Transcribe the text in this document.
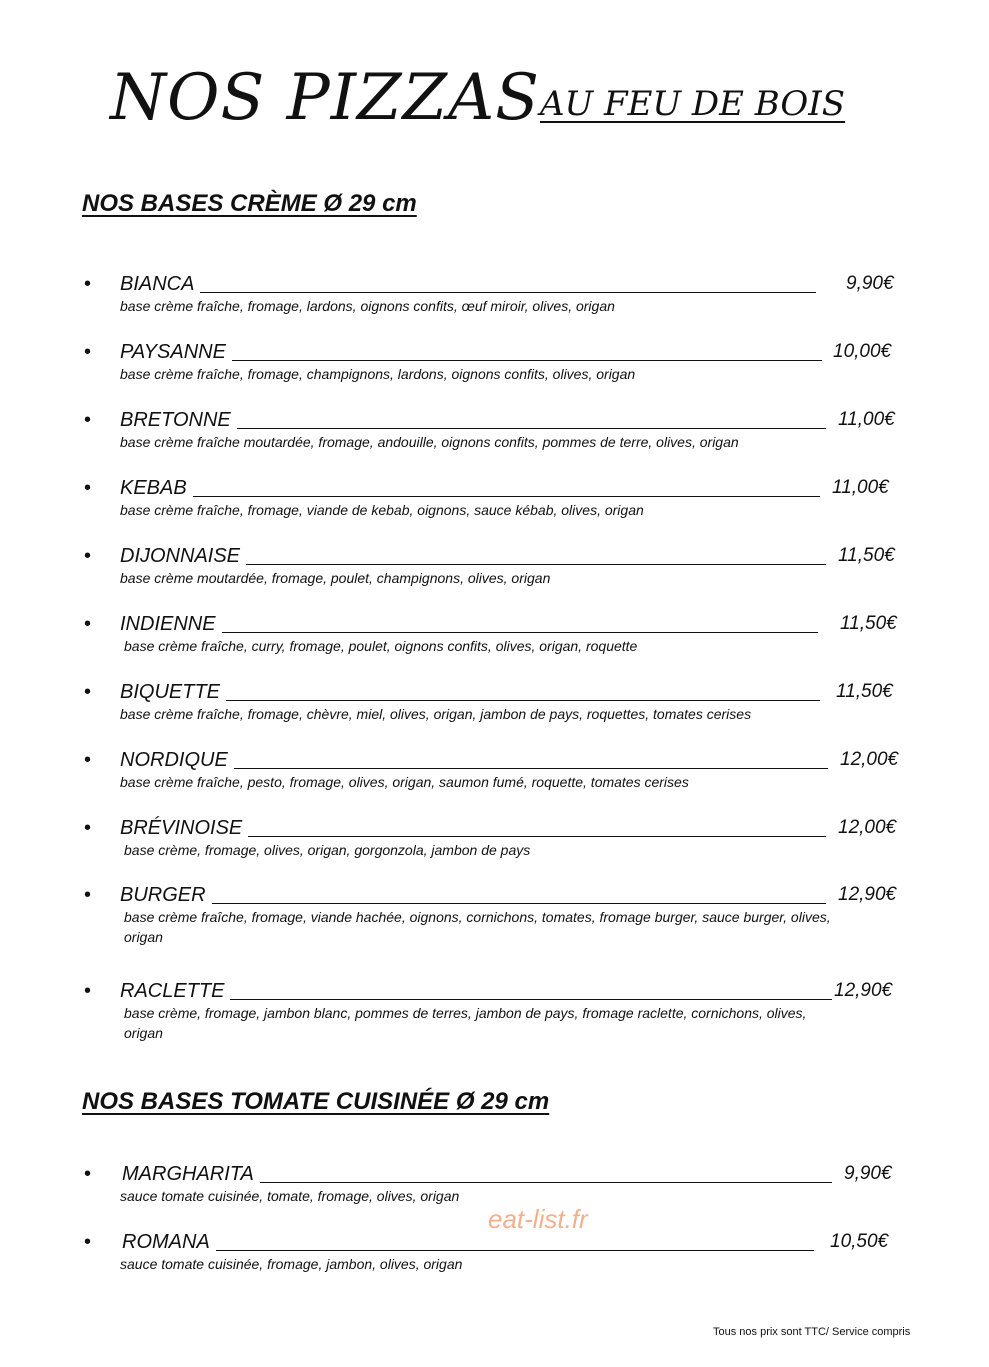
NOS PIZZAS AU FEU DE BOIS
NOS BASES CRÈME Ø 29 cm
• BIANCA	9,90€
base crème fraîche, fromage, lardons, oignons confits, œuf miroir, olives, origan
• PAYSANNE	10,00€
base crème fraîche, fromage, champignons, lardons, oignons confits, olives, origan
• BRETONNE	11,00€
base crème fraîche moutardée, fromage, andouille, oignons confits, pommes de terre, olives, origan
• KEBAB	11,00€
base crème fraîche, fromage, viande de kebab, oignons, sauce kébab, olives, origan
• DIJONNAISE	11,50€
base crème moutardée, fromage, poulet, champignons, olives, origan
• INDIENNE	11,50€
base crème fraîche, curry, fromage, poulet, oignons confits, olives, origan, roquette
• BIQUETTE	11,50€
base crème fraîche, fromage, chèvre, miel, olives, origan, jambon de pays, roquettes, tomates cerises
• NORDIQUE	12,00€
base crème fraîche, pesto, fromage, olives, origan, saumon fumé, roquette, tomates cerises
• BRÉVINOISE	12,00€
base crème, fromage, olives, origan, gorgonzola, jambon de pays
• BURGER	12,90€
base crème fraîche, fromage, viande hachée, oignons, cornichons, tomates, fromage burger, sauce burger, olives, origan
• RACLETTE	12,90€
base crème, fromage, jambon blanc, pommes de terres, jambon de pays, fromage raclette, cornichons, olives, origan
NOS BASES TOMATE CUISINÉE Ø 29 cm
• MARGHARITA	9,90€
sauce tomate cuisinée, tomate, fromage, olives, origan
• ROMANA	10,50€
sauce tomate cuisinée, fromage, jambon, olives, origan
eat-list.fr
Tous nos prix sont TTC/ Service compris
